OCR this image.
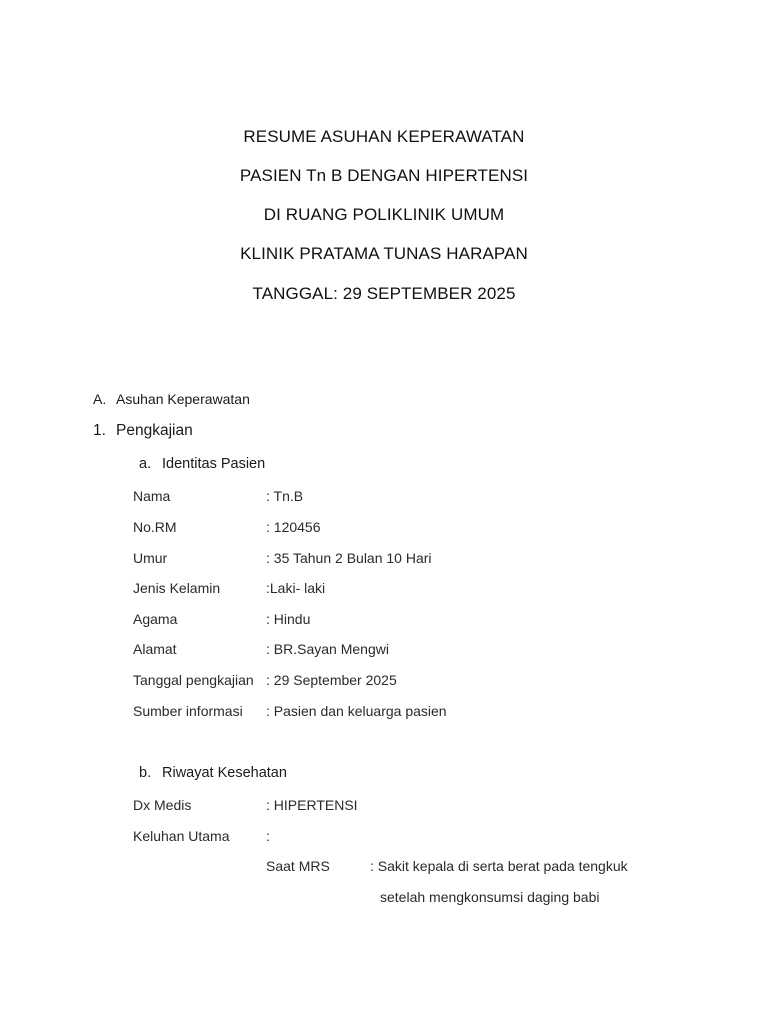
RESUME ASUHAN KEPERAWATAN
PASIEN Tn B DENGAN HIPERTENSI
DI RUANG POLIKLINIK UMUM
KLINIK PRATAMA TUNAS HARAPAN
TANGGAL: 29 SEPTEMBER 2025
A. Asuhan Keperawatan
1. Pengkajian
a. Identitas Pasien
Nama	: Tn.B
No.RM	: 120456
Umur	: 35 Tahun 2 Bulan 10 Hari
Jenis Kelamin	:Laki- laki
Agama	: Hindu
Alamat	: BR.Sayan Mengwi
Tanggal pengkajian : 29 September 2025
Sumber informasi : Pasien dan keluarga pasien
b. Riwayat Kesehatan
Dx Medis	: HIPERTENSI
Keluhan Utama	:
Saat MRS	: Sakit kepala di serta berat pada tengkuk
setelah mengkonsumsi daging babi
